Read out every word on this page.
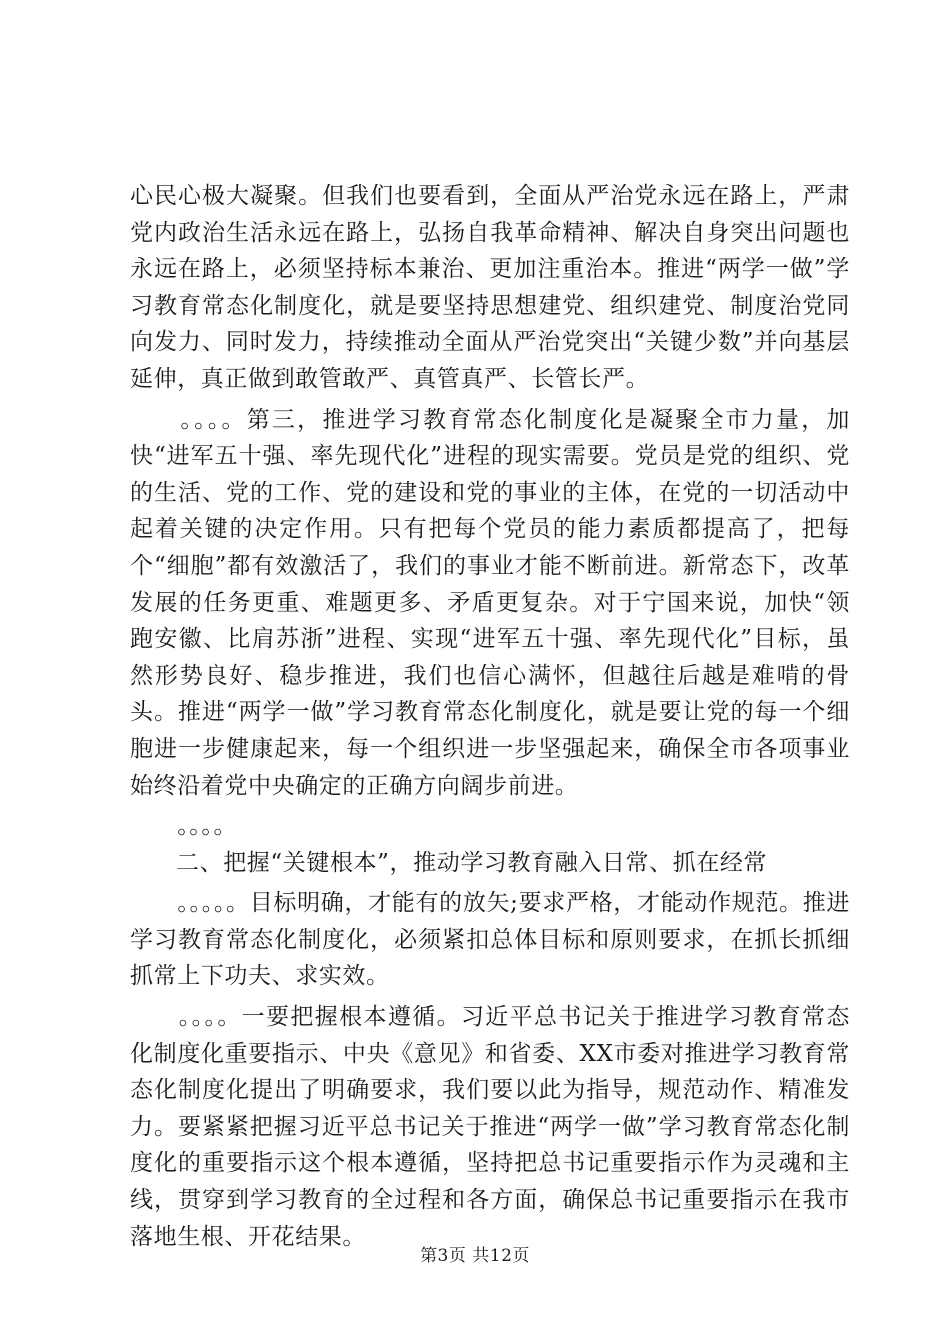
心民心极大凝聚。但我们也要看到，全面从严治党永远在路上，严肃党内政治生活永远在路上，弘扬自我革命精神、解决自身突出问题也永远在路上，必须坚持标本兼治、更加注重治本。推进“两学一做”学习教育常态化制度化，就是要坚持思想建党、组织建党、制度治党同向发力、同时发力，持续推动全面从严治党突出“关键少数”并向基层延伸，真正做到敢管敢严、真管真严、长管长严。

　　。。。。第三，推进学习教育常态化制度化是凝聚全市力量，加快“进军五十强、率先现代化”进程的现实需要。党员是党的组织、党的生活、党的工作、党的建设和党的事业的主体，在党的一切活动中起着关键的决定作用。只有把每个党员的能力素质都提高了，把每个“细胞”都有效激活了，我们的事业才能不断前进。新常态下，改革发展的任务更重、难题更多、矛盾更复杂。对于宁国来说，加快“领跑安徽、比肩苏浙”进程、实现“进军五十强、率先现代化”目标，虽然形势良好、稳步推进，我们也信心满怀，但越往后越是难啃的骨头。推进“两学一做”学习教育常态化制度化，就是要让党的每一个细胞进一步健康起来，每一个组织进一步坚强起来，确保全市各项事业始终沿着党中央确定的正确方向阔步前进。

　　。。。。

二、把握“关键根本”，推动学习教育融入日常、抓在经常

　　。。。。。目标明确，才能有的放矢;要求严格，才能动作规范。推进学习教育常态化制度化，必须紧扣总体目标和原则要求，在抓长抓细抓常上下功夫、求实效。

　　。。。。一要把握根本遵循。习近平总书记关于推进学习教育常态化制度化重要指示、中央《意见》和省委、XX市委对推进学习教育常态化制度化提出了明确要求，我们要以此为指导，规范动作、精准发力。要紧紧把握习近平总书记关于推进“两学一做”学习教育常态化制度化的重要指示这个根本遵循，坚持把总书记重要指示作为灵魂和主线，贯穿到学习教育的全过程和各方面，确保总书记重要指示在我市落地生根、开花结果。

第3页 共12页
